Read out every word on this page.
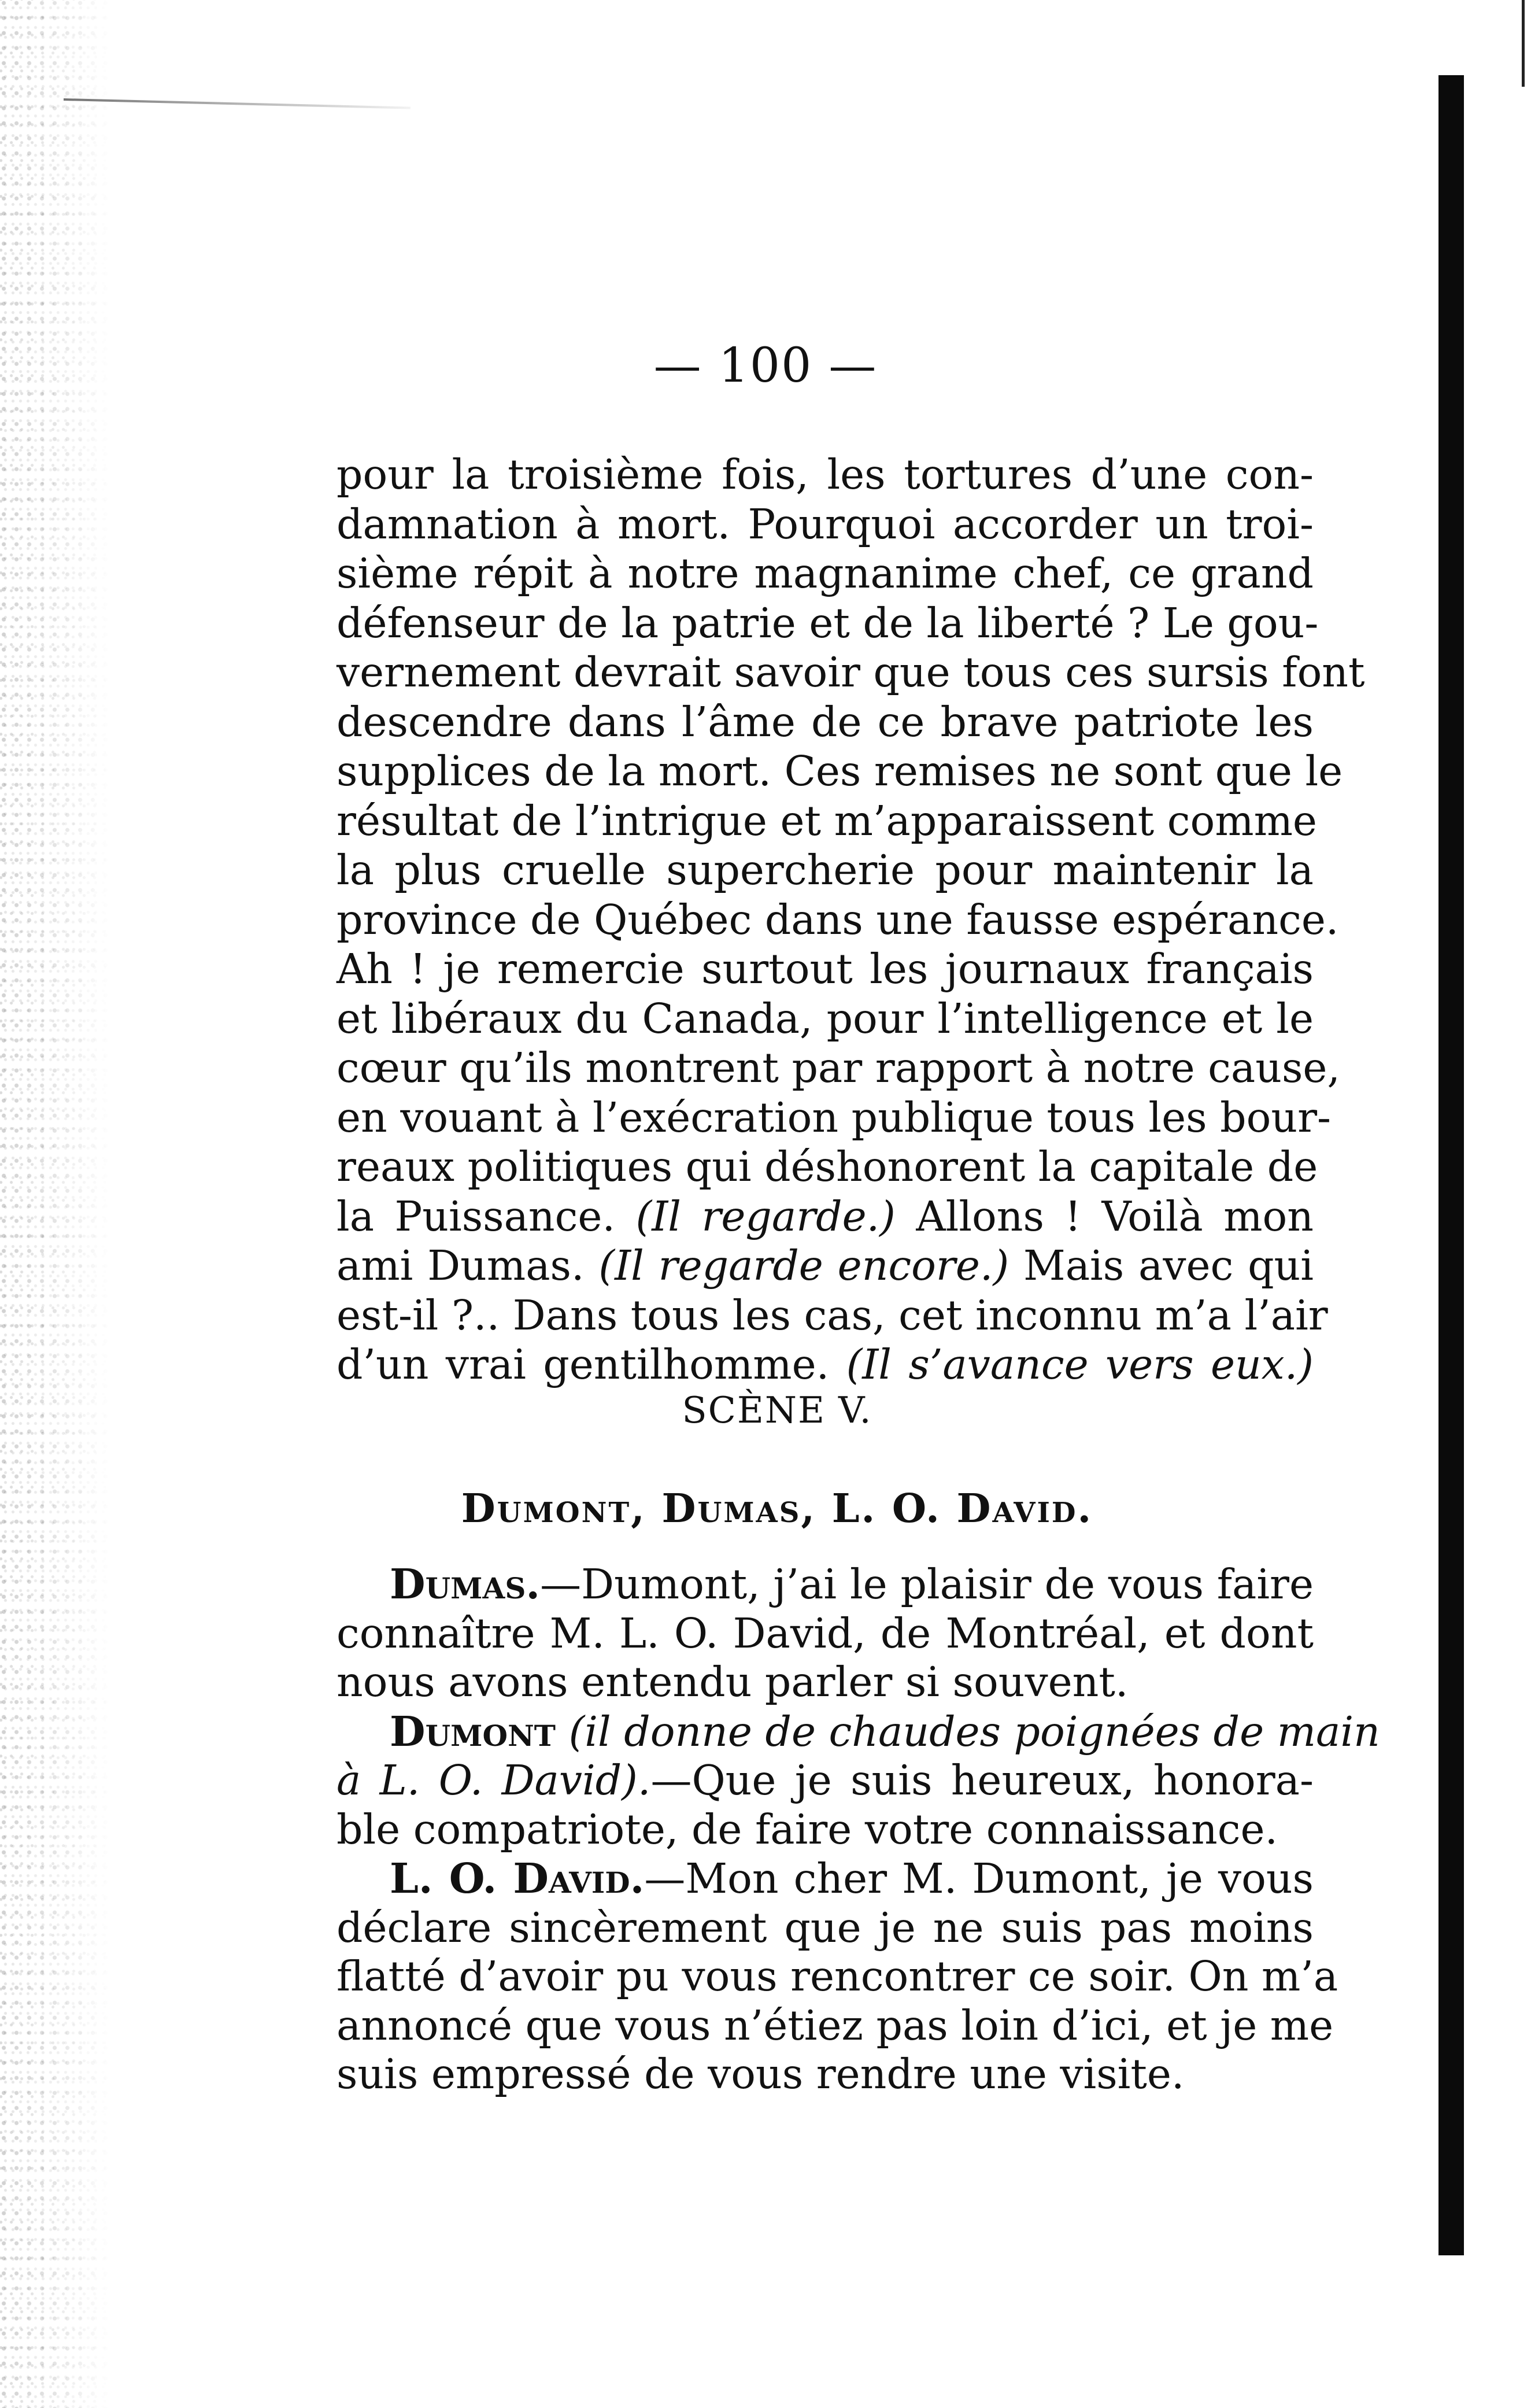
— 100 —
pour la troisième fois, les tortures d’une con-
damnation à mort. Pourquoi accorder un troi-
sième répit à notre magnanime chef, ce grand
défenseur de la patrie et de la liberté ? Le gou-
vernement devrait savoir que tous ces sursis font
descendre dans l’âme de ce brave patriote les
supplices de la mort. Ces remises ne sont que le
résultat de l’intrigue et m’apparaissent comme
la plus cruelle supercherie pour maintenir la
province de Québec dans une fausse espérance.
Ah ! je remercie surtout les journaux français
et libéraux du Canada, pour l’intelligence et le
cœur qu’ils montrent par rapport à notre cause,
en vouant à l’exécration publique tous les bour-
reaux politiques qui déshonorent la capitale de
la Puissance. (Il regarde.) Allons ! Voilà mon
ami Dumas. (Il regarde encore.) Mais avec qui
est-il ?.. Dans tous les cas, cet inconnu m’a l’air
d’un vrai gentilhomme. (Il s’avance vers eux.)
SCÈNE V.
Dumont, Dumas, L. O. David.
Dumas.—Dumont, j’ai le plaisir de vous faire
connaître M. L. O. David, de Montréal, et dont
nous avons entendu parler si souvent.
Dumont (il donne de chaudes poignées de main
à L. O. David).—Que je suis heureux, honora-
ble compatriote, de faire votre connaissance.
L. O. David.—Mon cher M. Dumont, je vous
déclare sincèrement que je ne suis pas moins
flatté d’avoir pu vous rencontrer ce soir. On m’a
annoncé que vous n’étiez pas loin d’ici, et je me
suis empressé de vous rendre une visite.
